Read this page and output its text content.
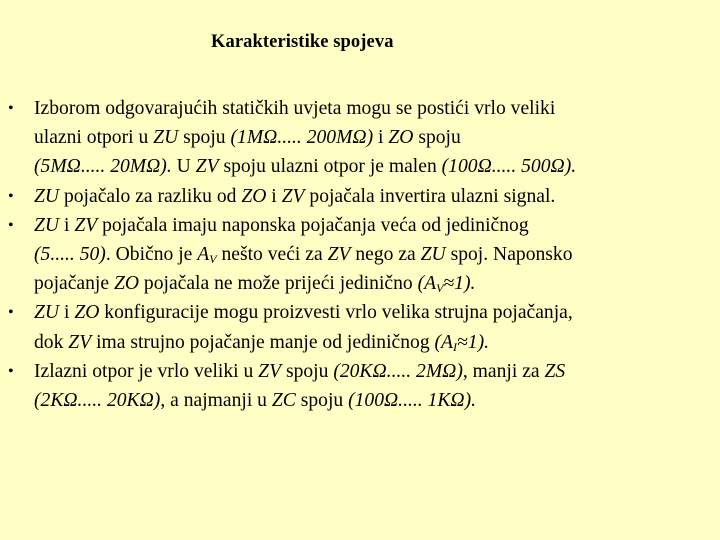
Karakteristike spojeva
• Izborom odgovarajućih statičkih uvjeta mogu se postići vrlo veliki
ulazni otpori u ZU spoju (1MΩ..... 200MΩ) i ZO spoju
(5MΩ..... 20MΩ). U ZV spoju ulazni otpor je malen (100Ω..... 500Ω).
• ZU pojačalo za razliku od ZO i ZV pojačala invertira ulazni signal.
• ZU i ZV pojačala imaju naponska pojačanja veća od jediničnog
(5..... 50). Obično je $A_V$ nešto veći za ZV nego za ZU spoj. Naponsko
pojačanje ZO pojačala ne može prijeći jedinično $(A_V\approx 1)$.
• ZU i ZO konfiguracije mogu proizvesti vrlo velika strujna pojačanja,
dok ZV ima strujno pojačanje manje od jediničnog $(A_I\approx 1)$.
• Izlazni otpor je vrlo veliki u ZV spoju (20KΩ..... 2MΩ), manji za ZS
(2KΩ..... 20KΩ), a najmanji u ZC spoju (100Ω..... 1KΩ).
